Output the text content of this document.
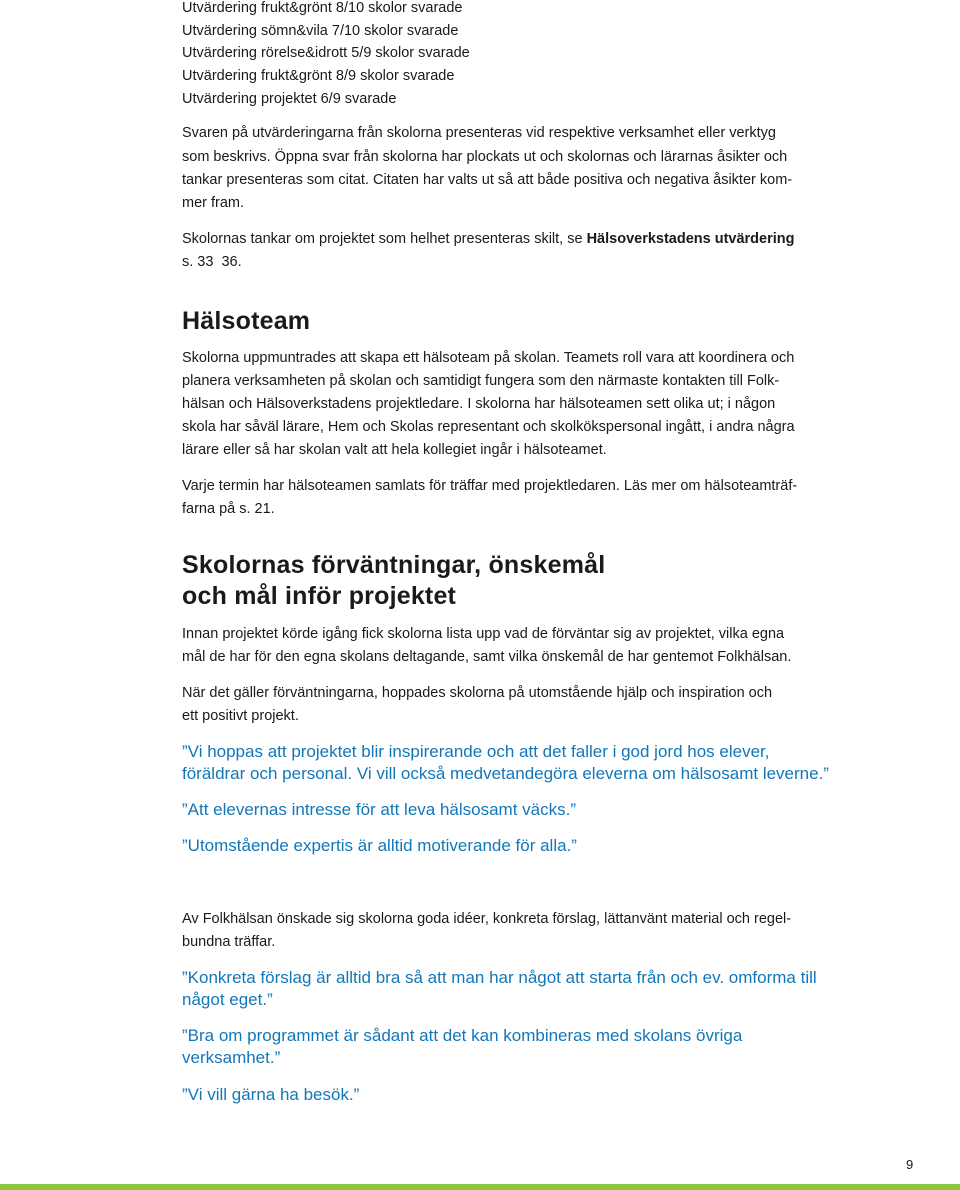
Utvärdering frukt&grönt 8/10 skolor svarade
Utvärdering sömn&vila 7/10 skolor svarade
Utvärdering rörelse&idrott 5/9 skolor svarade
Utvärdering frukt&grönt 8/9 skolor svarade
Utvärdering projektet 6/9 svarade
Svaren på utvärderingarna från skolorna presenteras vid respektive verksamhet eller verktyg
som beskrivs. Öppna svar från skolorna har plockats ut och skolornas och lärarnas åsikter och
tankar presenteras som citat. Citaten har valts ut så att både positiva och negativa åsikter kom-
mer fram.
Skolornas tankar om projektet som helhet presenteras skilt, se Hälsoverkstadens utvärdering
s. 33  36.
Hälsoteam
Skolorna uppmuntrades att skapa ett hälsoteam på skolan. Teamets roll vara att koordinera och
planera verksamheten på skolan och samtidigt fungera som den närmaste kontakten till Folk-
hälsan och Hälsoverkstadens projektledare. I skolorna har hälsoteamen sett olika ut; i någon
skola har såväl lärare, Hem och Skolas representant och skolkökspersonal ingått, i andra några
lärare eller så har skolan valt att hela kollegiet ingår i hälsoteamet.
Varje termin har hälsoteamen samlats för träffar med projektledaren. Läs mer om hälsoteamträf-
farna på s. 21.
Skolornas förväntningar, önskemål
och mål inför projektet
Innan projektet körde igång fick skolorna lista upp vad de förväntar sig av projektet, vilka egna
mål de har för den egna skolans deltagande, samt vilka önskemål de har gentemot Folkhälsan.
När det gäller förväntningarna, hoppades skolorna på utomstående hjälp och inspiration och
ett positivt projekt.
”Vi hoppas att projektet blir inspirerande och att det faller i god jord hos elever,
föräldrar och personal. Vi vill också medvetandegöra eleverna om hälsosamt leverne.”
”Att elevernas intresse för att leva hälsosamt väcks.”
”Utomstående expertis är alltid motiverande för alla.”
Av Folkhälsan önskade sig skolorna goda idéer, konkreta förslag, lättanvänt material och regel-
bundna träffar.
”Konkreta förslag är alltid bra så att man har något att starta från och ev. omforma till
något eget.”
”Bra om programmet är sådant att det kan kombineras med skolans övriga
verksamhet.”
”Vi vill gärna ha besök.”
9
